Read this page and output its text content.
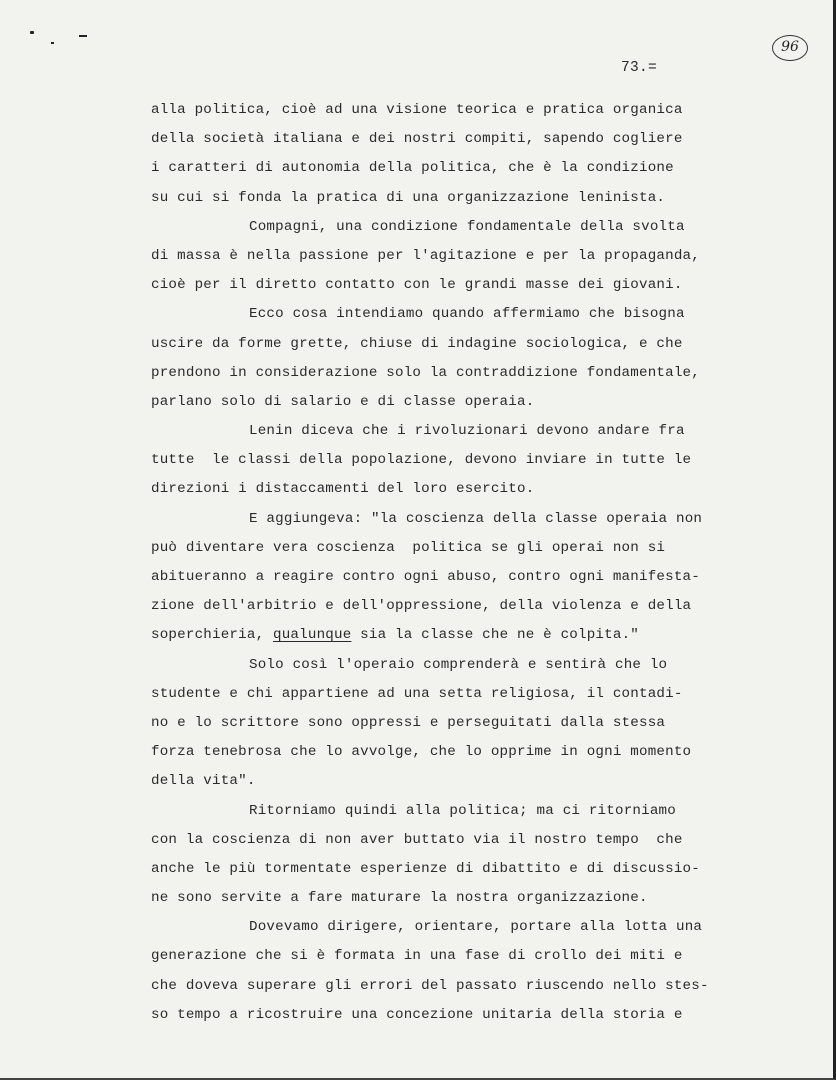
96
73.=
alla politica, cioè ad una visione teorica e pratica organica
della società italiana e dei nostri compiti, sapendo cogliere
i caratteri di autonomia della politica, che è la condizione
su cui si fonda la pratica di una organizzazione leninista.
Compagni, una condizione fondamentale della svolta
di massa è nella passione per l'agitazione e per la propaganda,
cioè per il diretto contatto con le grandi masse dei giovani.
Ecco cosa intendiamo quando affermiamo che bisogna
uscire da forme grette, chiuse di indagine sociologica, e che
prendono in considerazione solo la contraddizione fondamentale,
parlano solo di salario e di classe operaia.
Lenin diceva che i rivoluzionari devono andare fra
tutte  le classi della popolazione, devono inviare in tutte le
direzioni i distaccamenti del loro esercito.
E aggiungeva: "la coscienza della classe operaia non
può diventare vera coscienza  politica se gli operai non si
abitueranno a reagire contro ogni abuso, contro ogni manifesta-
zione dell'arbitrio e dell'oppressione, della violenza e della
soperchieria, qualunque sia la classe che ne è colpita."
Solo così l'operaio comprenderà e sentirà che lo
studente e chi appartiene ad una setta religiosa, il contadi-
no e lo scrittore sono oppressi e perseguitati dalla stessa
forza tenebrosa che lo avvolge, che lo opprime in ogni momento
della vita".
Ritorniamo quindi alla politica; ma ci ritorniamo
con la coscienza di non aver buttato via il nostro tempo  che
anche le più tormentate esperienze di dibattito e di discussio-
ne sono servite a fare maturare la nostra organizzazione.
Dovevamo dirigere, orientare, portare alla lotta una
generazione che si è formata in una fase di crollo dei miti e
che doveva superare gli errori del passato riuscendo nello stes-
so tempo a ricostruire una concezione unitaria della storia e
